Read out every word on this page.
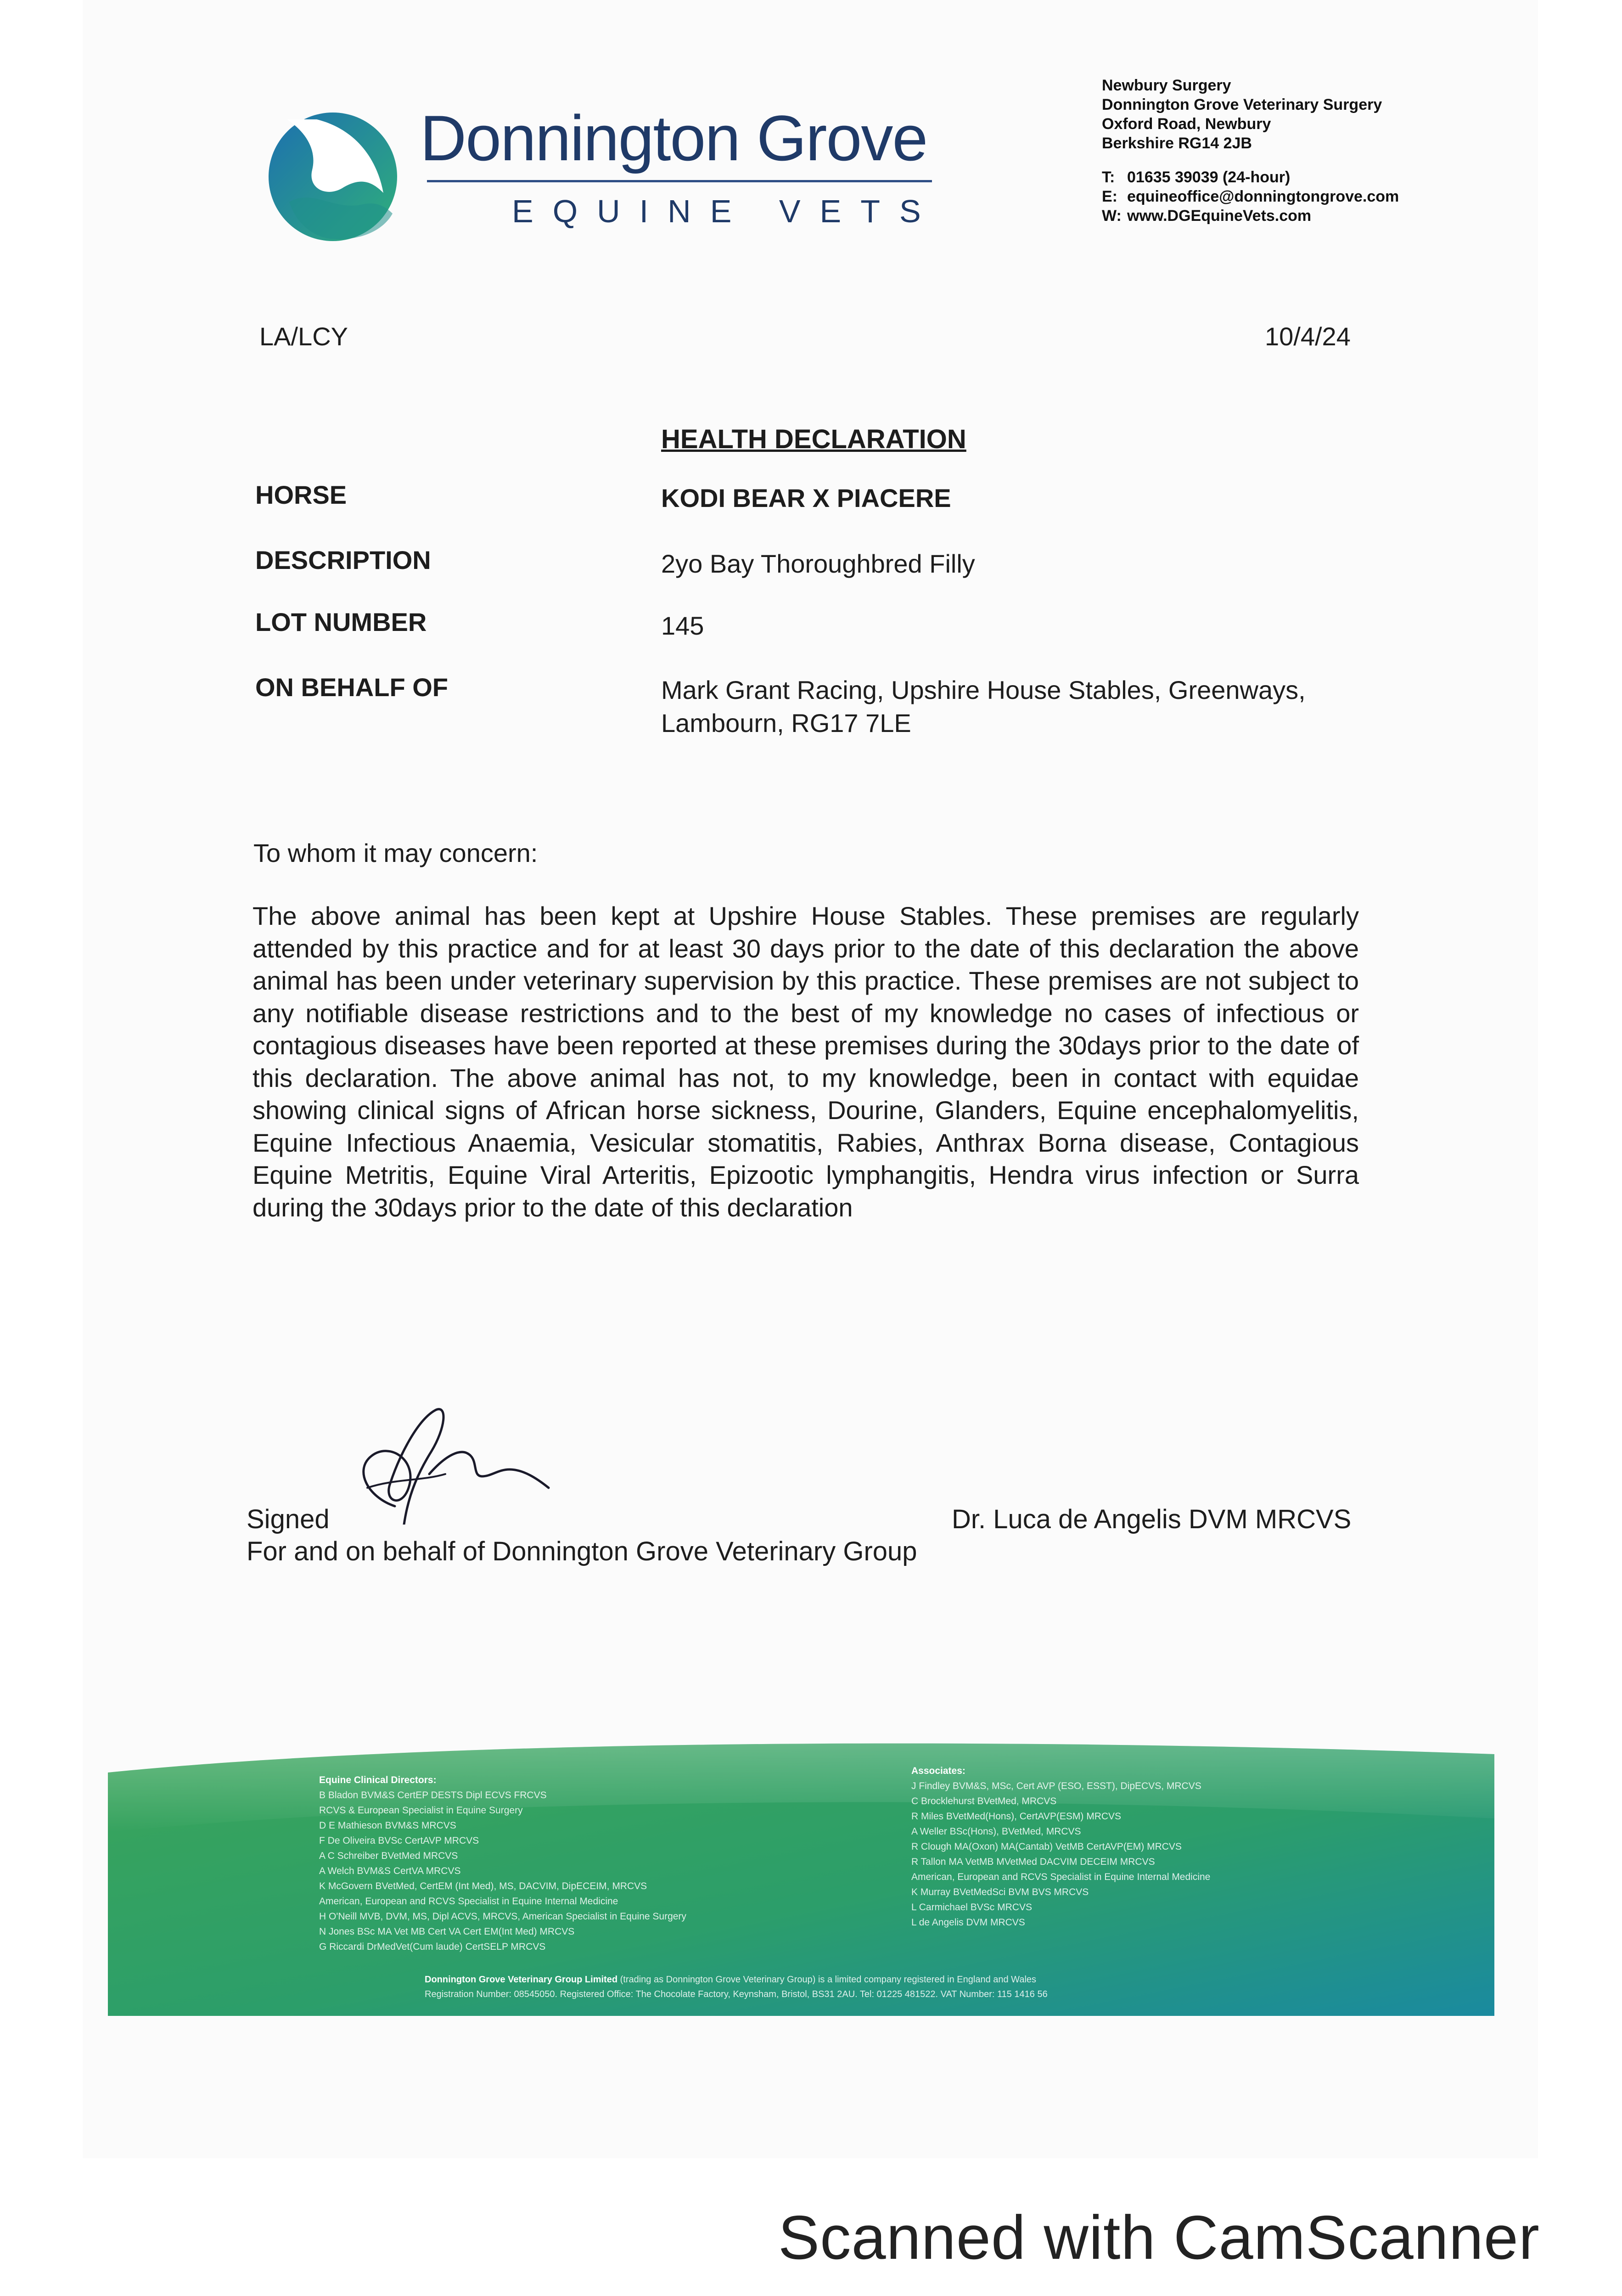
Donnington Grove
EQUINE VETS
Newbury Surgery
Donnington Grove Veterinary Surgery
Oxford Road, Newbury
Berkshire RG14 2JB
T: 01635 39039 (24-hour)
E: equineoffice@donningtongrove.com
W: www.DGEquineVets.com
LA/LCY	10/4/24
HEALTH DECLARATION
HORSE	KODI BEAR X PIACERE
DESCRIPTION	2yo Bay Thoroughbred Filly
LOT NUMBER	145
ON BEHALF OF	Mark Grant Racing, Upshire House Stables, Greenways,
Lambourn, RG17 7LE
To whom it may concern:
The above animal has been kept at Upshire House Stables. These premises are regularly attended by this practice and for at least 30 days prior to the date of this declaration the above animal has been under veterinary supervision by this practice. These premises are not subject to any notifiable disease restrictions and to the best of my knowledge no cases of infectious or contagious diseases have been reported at these premises during the 30days prior to the date of this declaration. The above animal has not, to my knowledge, been in contact with equidae showing clinical signs of African horse sickness, Dourine, Glanders, Equine encephalomyelitis, Equine Infectious Anaemia, Vesicular stomatitis, Rabies, Anthrax Borna disease, Contagious Equine Metritis, Equine Viral Arteritis, Epizootic lymphangitis, Hendra virus infection or Surra during the 30days prior to the date of this declaration
Signed
For and on behalf of Donnington Grove Veterinary Group
Dr. Luca de Angelis DVM MRCVS
Equine Clinical Directors:
B Bladon BVM&S CertEP DESTS Dipl ECVS FRCVS
RCVS & European Specialist in Equine Surgery
D E Mathieson BVM&S MRCVS
F De Oliveira BVSc CertAVP MRCVS
A C Schreiber BVetMed MRCVS
A Welch BVM&S CertVA MRCVS
K McGovern BVetMed, CertEM (Int Med), MS, DACVIM, DipECEIM, MRCVS
American, European and RCVS Specialist in Equine Internal Medicine
H O'Neill MVB, DVM, MS, Dipl ACVS, MRCVS, American Specialist in Equine Surgery
N Jones BSc MA Vet MB Cert VA Cert EM(Int Med) MRCVS
G Riccardi DrMedVet(Cum laude) CertSELP MRCVS
Associates:
J Findley BVM&S, MSc, Cert AVP (ESO, ESST), DipECVS, MRCVS
C Brocklehurst BVetMed, MRCVS
R Miles BVetMed(Hons), CertAVP(ESM) MRCVS
A Weller BSc(Hons), BVetMed, MRCVS
R Clough MA(Oxon) MA(Cantab) VetMB CertAVP(EM) MRCVS
R Tallon MA VetMB MVetMed DACVIM DECEIM MRCVS
American, European and RCVS Specialist in Equine Internal Medicine
K Murray BVetMedSci BVM BVS MRCVS
L Carmichael BVSc MRCVS
L de Angelis DVM MRCVS
Donnington Grove Veterinary Group Limited (trading as Donnington Grove Veterinary Group) is a limited company registered in England and Wales
Registration Number: 08545050. Registered Office: The Chocolate Factory, Keynsham, Bristol, BS31 2AU. Tel: 01225 481522. VAT Number: 115 1416 56
Scanned with CamScanner
